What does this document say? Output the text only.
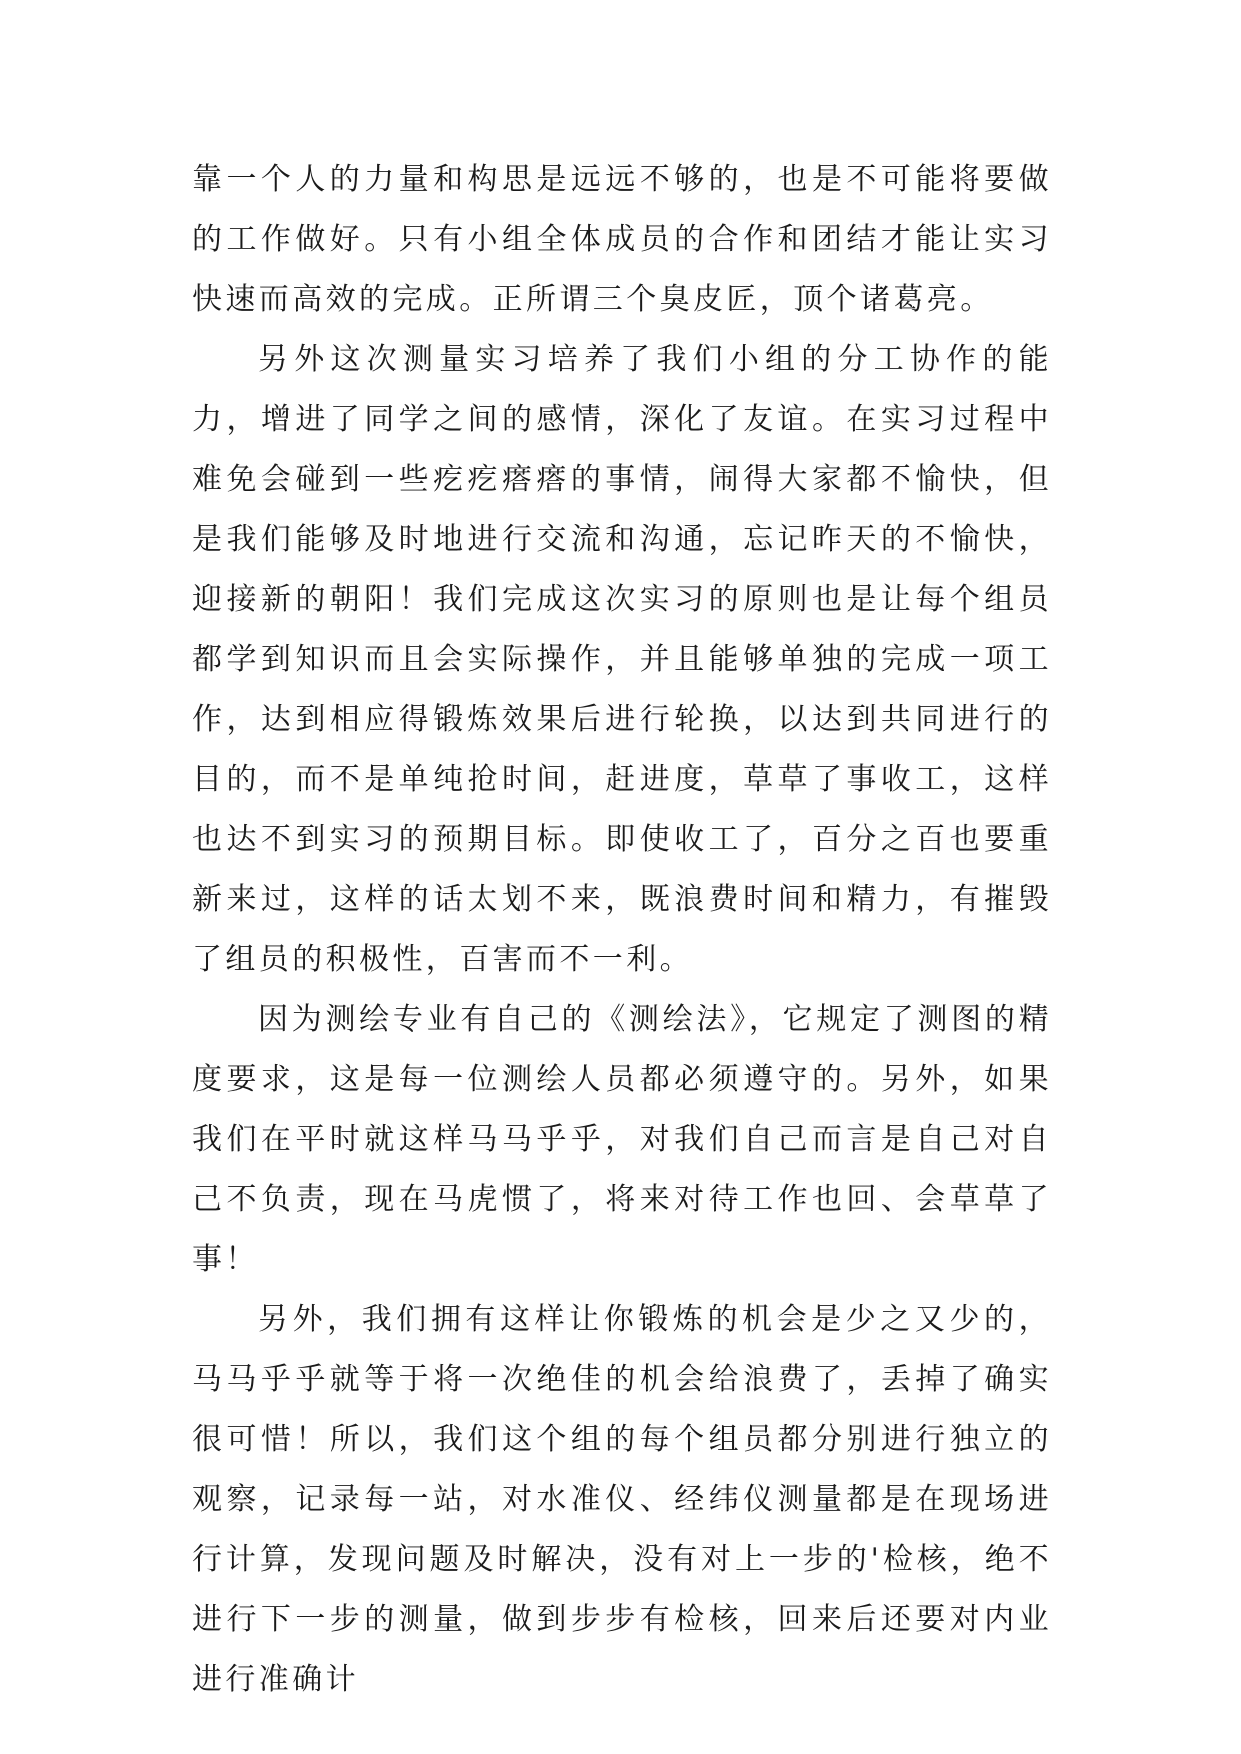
靠一个人的力量和构思是远远不够的，也是不可能将要做的工作做好。只有小组全体成员的合作和团结才能让实习快速而高效的完成。正所谓三个臭皮匠，顶个诸葛亮。

另外这次测量实习培养了我们小组的分工协作的能力，增进了同学之间的感情，深化了友谊。在实习过程中难免会碰到一些疙疙瘩瘩的事情，闹得大家都不愉快，但是我们能够及时地进行交流和沟通，忘记昨天的不愉快，迎接新的朝阳！我们完成这次实习的原则也是让每个组员都学到知识而且会实际操作，并且能够单独的完成一项工作，达到相应得锻炼效果后进行轮换，以达到共同进行的目的，而不是单纯抢时间，赶进度，草草了事收工，这样也达不到实习的预期目标。即使收工了，百分之百也要重新来过，这样的话太划不来，既浪费时间和精力，有摧毁了组员的积极性，百害而不一利。

因为测绘专业有自己的《测绘法》，它规定了测图的精度要求，这是每一位测绘人员都必须遵守的。另外，如果我们在平时就这样马马乎乎，对我们自己而言是自己对自己不负责，现在马虎惯了，将来对待工作也回、会草草了事！

另外，我们拥有这样让你锻炼的机会是少之又少的，马马乎乎就等于将一次绝佳的机会给浪费了，丢掉了确实很可惜！所以，我们这个组的每个组员都分别进行独立的观察，记录每一站，对水准仪、经纬仪测量都是在现场进行计算，发现问题及时解决，没有对上一步的'检核，绝不进行下一步的测量，做到步步有检核，回来后还要对内业进行准确计
